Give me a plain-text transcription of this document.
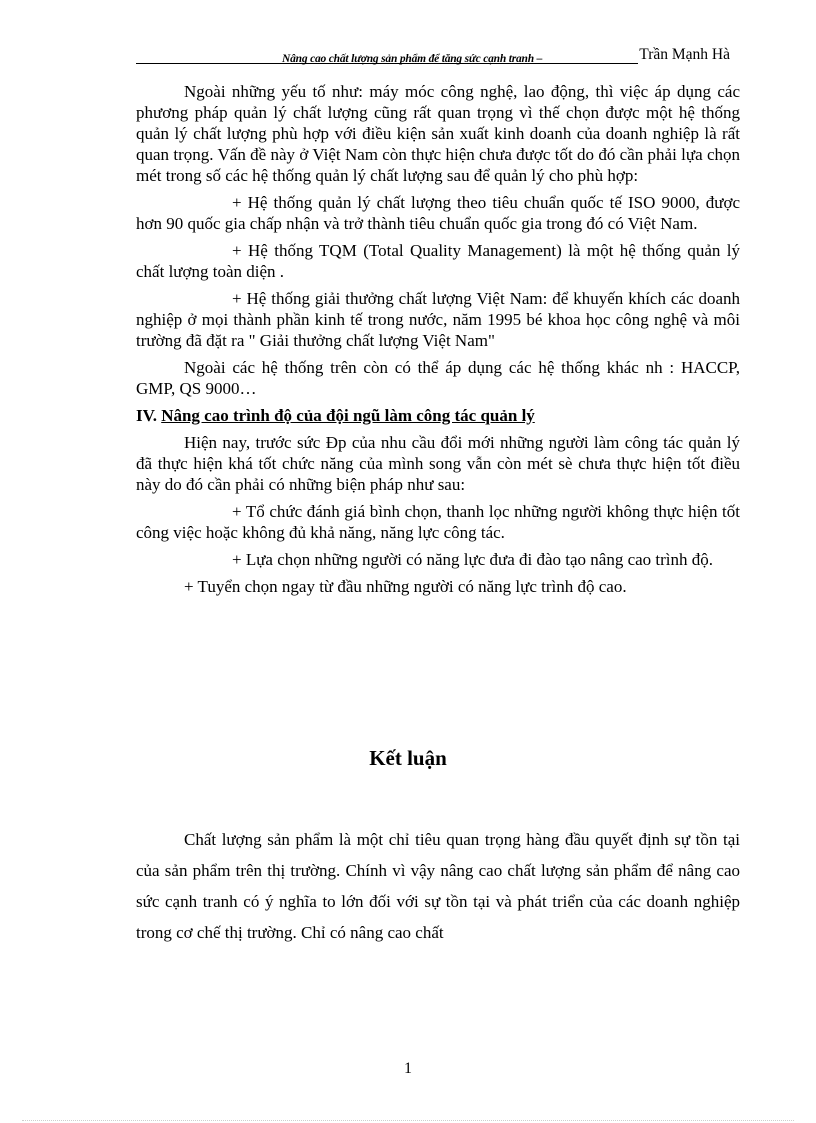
Nâng cao chất lượng sản phẩm để tăng sức cạnh tranh –	Trần Mạnh Hà

Ngoài những yếu tố như: máy móc công nghệ, lao động, thì việc áp dụng các phương pháp quản lý chất lượng cũng rất quan trọng vì thế chọn được một hệ thống quản lý chất lượng phù hợp với điều kiện sản xuất kinh doanh của doanh nghiệp là rất quan trọng. Vấn đề này ở Việt Nam còn thực hiện chưa được tốt do đó cần phải lựa chọn mét trong số các hệ thống quản lý chất lượng sau để quản lý cho phù hợp:

+ Hệ thống quản lý chất lượng theo tiêu chuẩn quốc tế ISO 9000, được hơn 90 quốc gia chấp nhận và trở thành tiêu chuẩn quốc gia trong đó có Việt Nam.

+ Hệ thống TQM (Total Quality Management) là một hệ thống quản lý chất lượng toàn diện .

+ Hệ thống giải thưởng chất lượng Việt Nam: để khuyến khích các doanh nghiệp ở mọi thành phần kinh tế trong nước, năm 1995 bé khoa học công nghệ và môi trường đã đặt ra " Giải thưởng chất lượng Việt Nam"

Ngoài các hệ thống trên còn có thể áp dụng các hệ thống khác nh : HACCP, GMP, QS 9000…

IV. Nâng cao trình độ của đội ngũ làm công tác quản lý

Hiện nay, trước sức Đp của nhu cầu đổi mới những người làm công tác quản lý đã thực hiện khá tốt chức năng của mình song vẫn còn mét sè chưa thực hiện tốt điều này do đó cần phải có những biện pháp như sau:

+ Tổ chức đánh giá bình chọn, thanh lọc những người không thực hiện tốt công việc hoặc không đủ khả năng, năng lực công tác.

+ Lựa chọn những người có năng lực đưa đi đào tạo nâng cao trình độ.

+ Tuyển chọn ngay từ đầu những người có năng lực trình độ cao.

Kết luận

Chất lượng sản phẩm là một chỉ tiêu quan trọng hàng đầu quyết định sự tồn tại của sản phẩm trên thị trường. Chính vì vậy nâng cao chất lượng sản phẩm để nâng cao sức cạnh tranh có ý nghĩa to lớn đối với sự tồn tại và phát triển của các doanh nghiệp trong cơ chế thị trường. Chỉ có nâng cao chất

1
